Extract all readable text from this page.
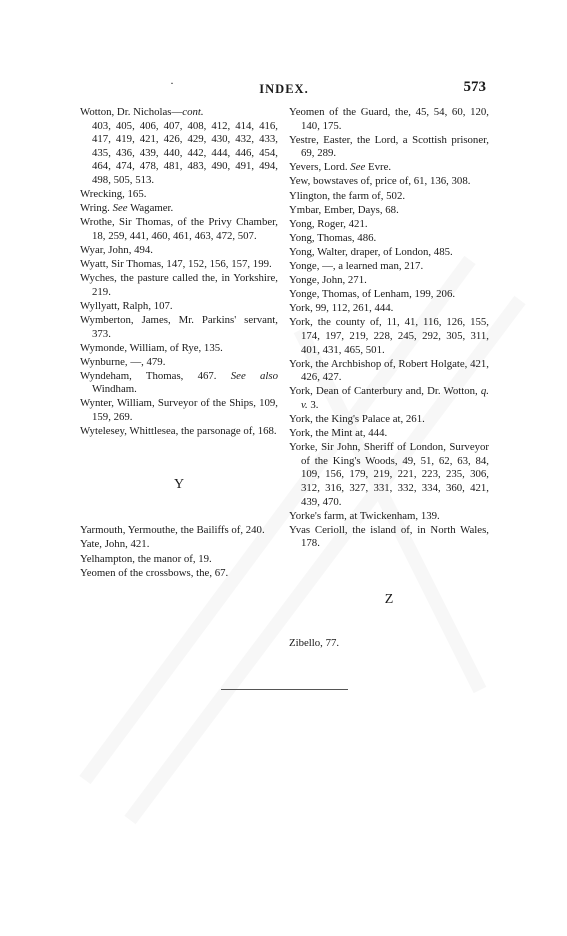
·	INDEX.	573
Wotton, Dr. Nicholas—cont.
403, 405, 406, 407, 408, 412, 414, 416, 417, 419, 421, 426, 429, 430, 432, 433, 435, 436, 439, 440, 442, 444, 446, 454, 464, 474, 478, 481, 483, 490, 491, 494, 498, 505, 513.
Wrecking, 165.
Wring. See Wagamer.
Wrothe, Sir Thomas, of the Privy Chamber, 18, 259, 441, 460, 461, 463, 472, 507.
Wyar, John, 494.
Wyatt, Sir Thomas, 147, 152, 156, 157, 199.
Wyches, the pasture called the, in Yorkshire, 219.
Wyllyatt, Ralph, 107.
Wymberton, James, Mr. Parkins' servant, 373.
Wymonde, William, of Rye, 135.
Wynburne, —, 479.
Wyndeham, Thomas, 467. See also Windham.
Wynter, William, Surveyor of the Ships, 109, 159, 269.
Wytelesey, Whittlesea, the parsonage of, 168.
Y
Yarmouth, Yermouthe, the Bailiffs of, 240.
Yate, John, 421.
Yelhampton, the manor of, 19.
Yeomen of the crossbows, the, 67.
Yeomen of the Guard, the, 45, 54, 60, 120, 140, 175.
Yestre, Easter, the Lord, a Scottish prisoner, 69, 289.
Yevers, Lord. See Evre.
Yew, bowstaves of, price of, 61, 136, 308.
Ylington, the farm of, 502.
Ymbar, Ember, Days, 68.
Yong, Roger, 421.
Yong, Thomas, 486.
Yong, Walter, draper, of London, 485.
Yonge, —, a learned man, 217.
Yonge, John, 271.
Yonge, Thomas, of Lenham, 199, 206.
York, 99, 112, 261, 444.
York, the county of, 11, 41, 116, 126, 155, 174, 197, 219, 228, 245, 292, 305, 311, 401, 431, 465, 501.
York, the Archbishop of, Robert Holgate, 421, 426, 427.
York, Dean of Canterbury and, Dr. Wotton, q. v. 3.
York, the King's Palace at, 261.
York, the Mint at, 444.
Yorke, Sir John, Sheriff of London, Surveyor of the King's Woods, 49, 51, 62, 63, 84, 109, 156, 179, 219, 221, 223, 235, 306, 312, 316, 327, 331, 332, 334, 360, 421, 439, 470.
Yorke's farm, at Twickenham, 139.
Yvas Cerioll, the island of, in North Wales, 178.
Z
Zibello, 77.
